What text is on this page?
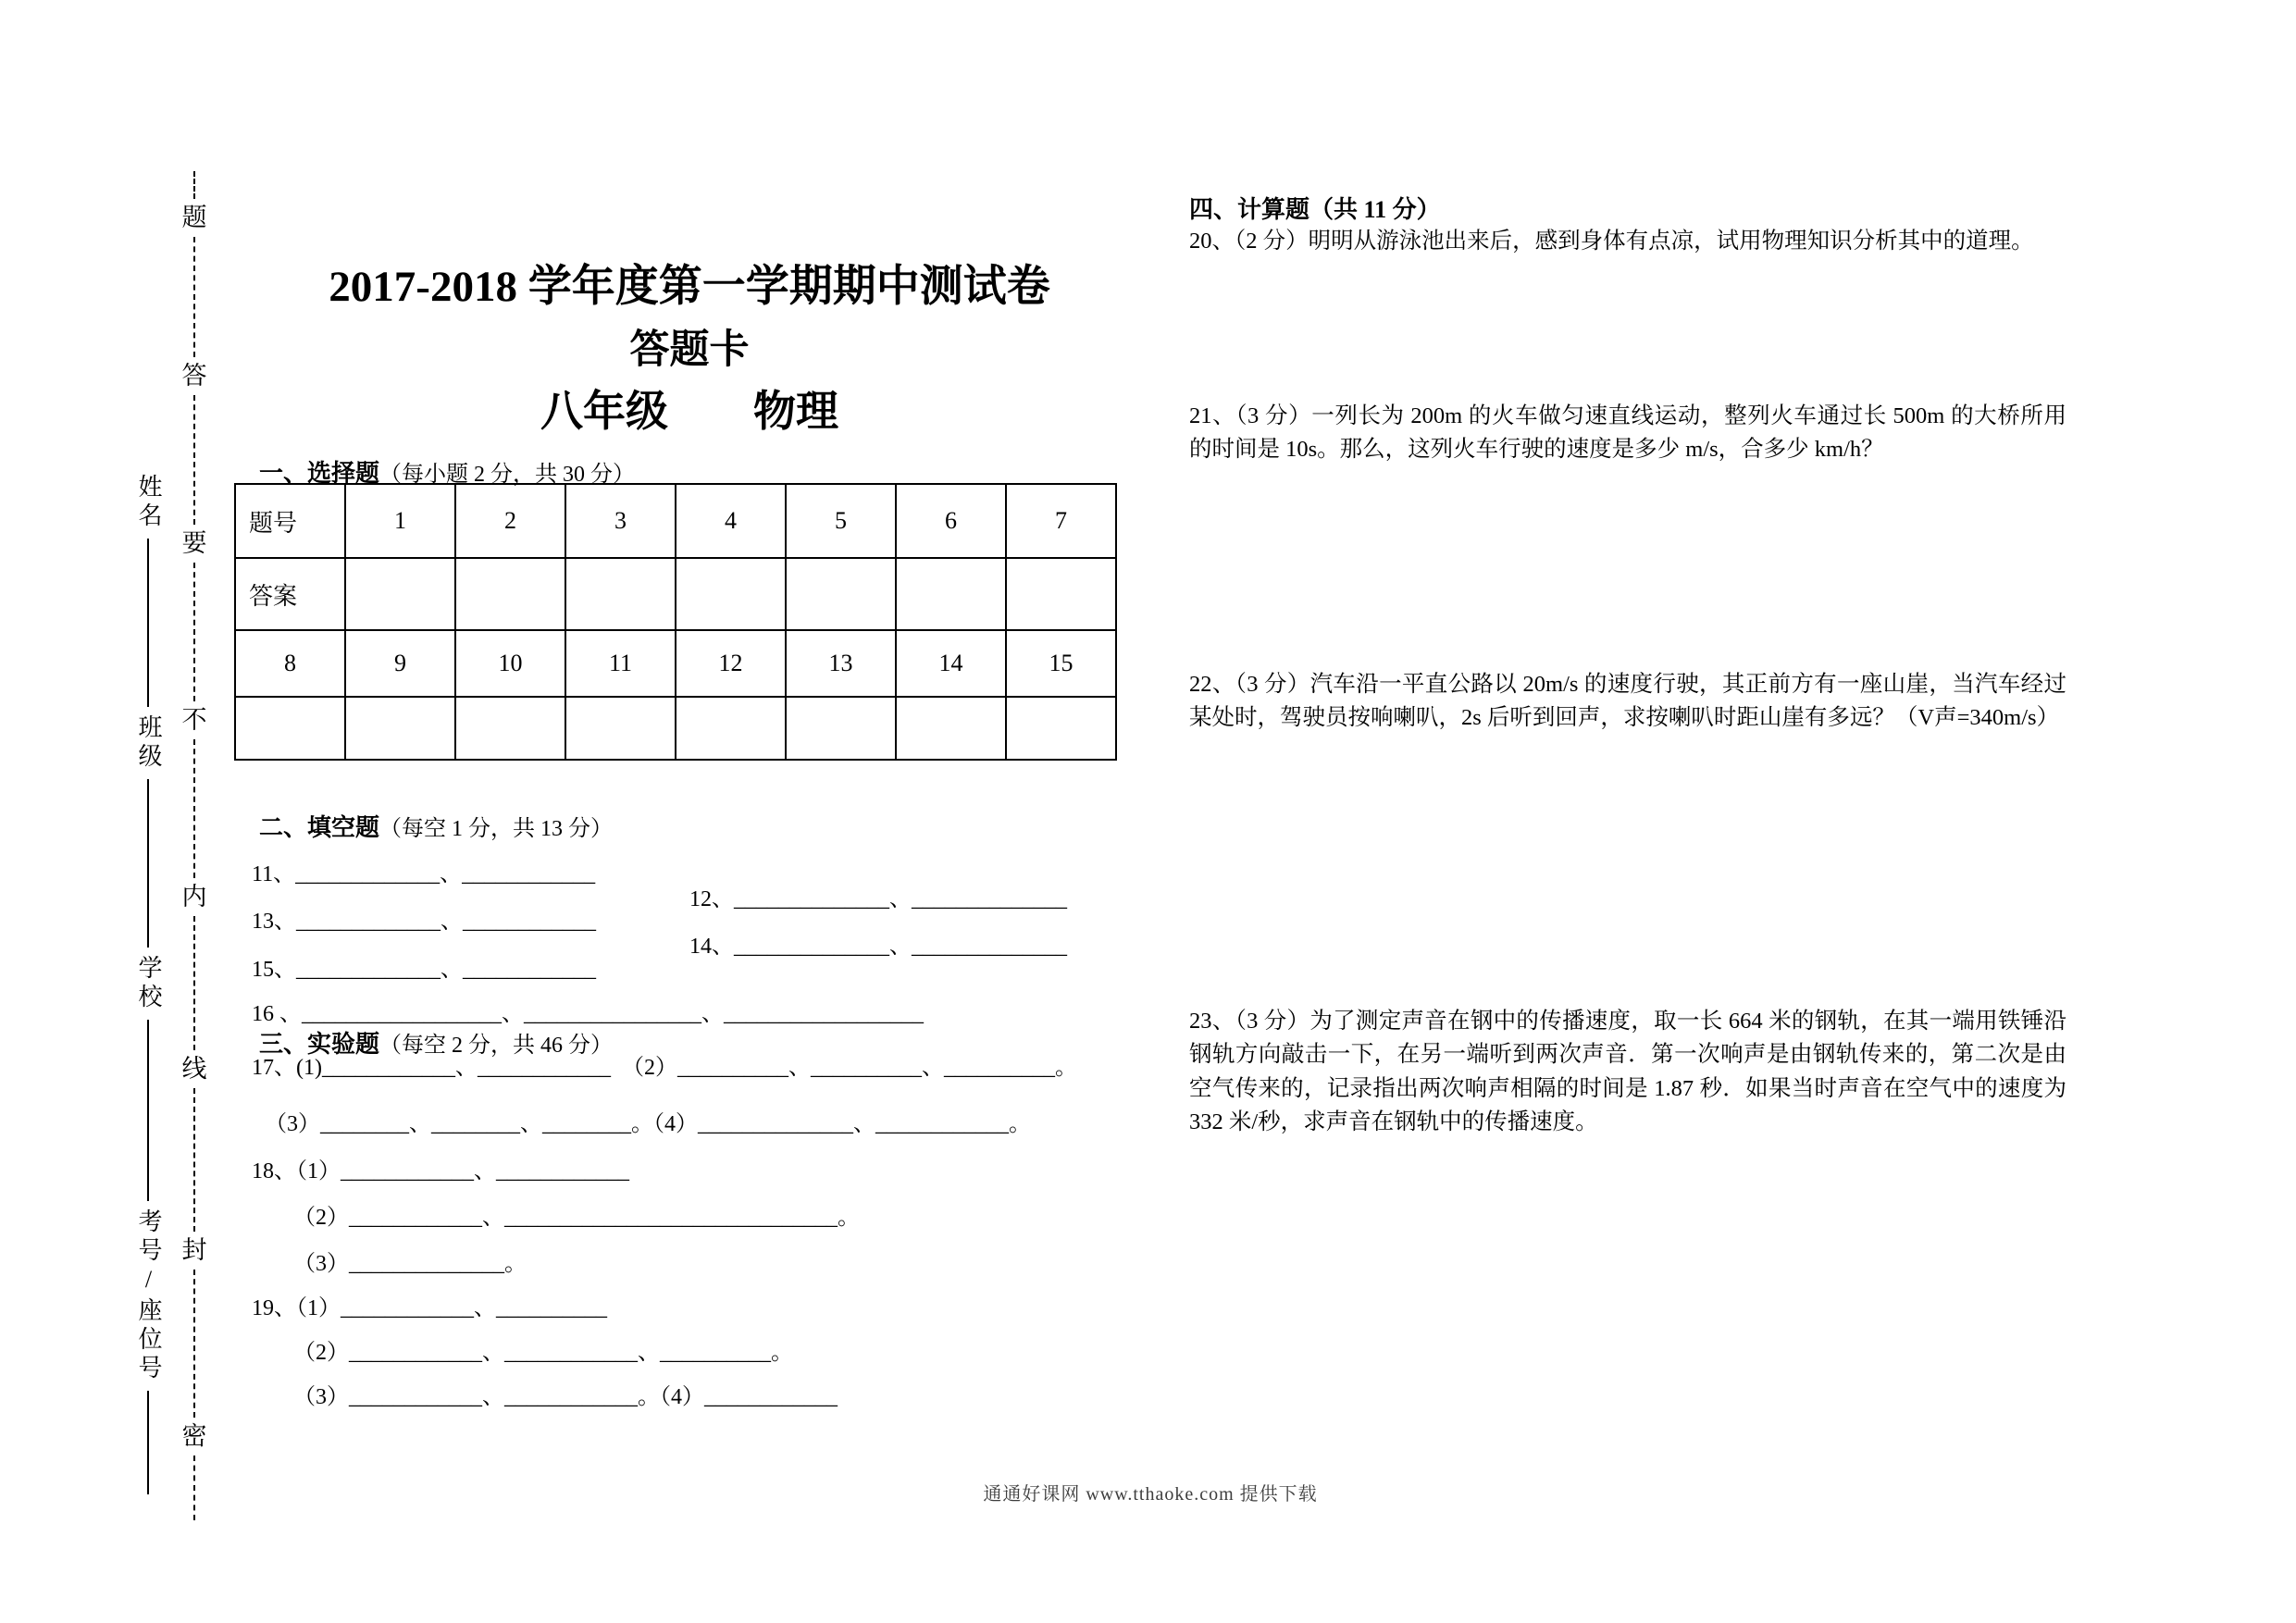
姓名
班级
学校
考号/座位号
题
答
要
不
内
线
封
密
2017-2018 学年度第一学期期中测试卷
答题卡
八年级　　物理

一、选择题（每小题 2 分，共 30 分）

题号	1	2	3	4	5	6	7
答案							
8	9	10	11	12	13	14	15

二、填空题（每空 1 分，共 13 分）

11、_____________、____________

12、______________、______________

13、_____________、____________

14、______________、______________

15、_____________、____________

16 、__________________、________________、__________________

三、实验题（每空 2 分，共 46 分）

17、(1)____________、____________　（2）__________、__________、__________。
（3）________、________、________。（4）______________、____________。
18、（1）____________、____________
（2）____________、______________________________。
（3）______________。
19、（1）____________、__________
（2）____________、____________、__________。
（3）____________、____________。（4）____________
四、计算题（共 11 分）
20、（2 分）明明从游泳池出来后，感到身体有点凉，试用物理知识分析其中的道理。
21、（3 分）一列长为 200m 的火车做匀速直线运动，整列火车通过长 500m 的大桥所用的时间是 10s。那么，这列火车行驶的速度是多少 m/s，合多少 km/h？
22、（3 分）汽车沿一平直公路以 20m/s 的速度行驶，其正前方有一座山崖，当汽车经过某处时，驾驶员按响喇叭，2s 后听到回声，求按喇叭时距山崖有多远？（V声=340m/s）
23、（3 分）为了测定声音在钢中的传播速度，取一长 664 米的钢轨，在其一端用铁锤沿钢轨方向敲击一下，在另一端听到两次声音．第一次响声是由钢轨传来的，第二次是由空气传来的，记录指出两次响声相隔的时间是 1.87 秒．如果当时声音在空气中的速度为 332 米/秒，求声音在钢轨中的传播速度。
通通好课网 www.tthaoke.com 提供下载
